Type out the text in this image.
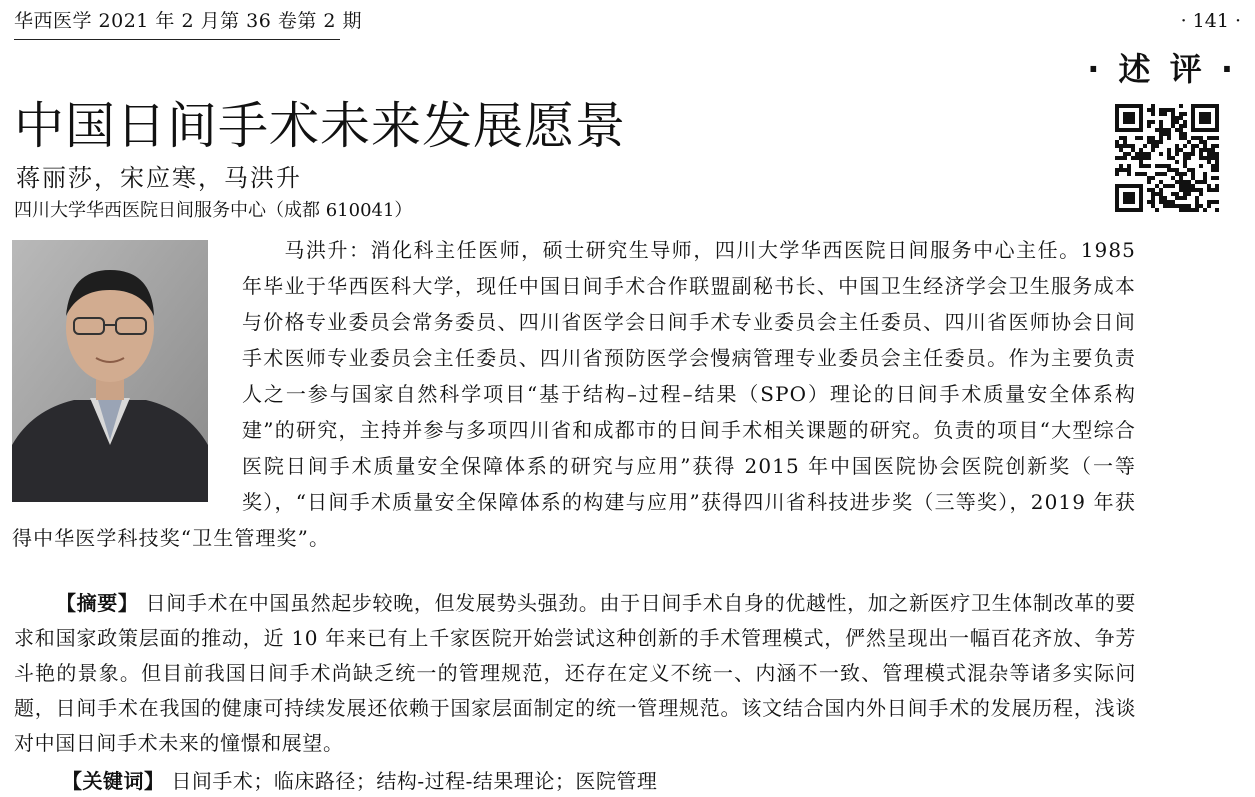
华西医学 2021 年 2 月第 36 卷第 2 期	· 141 ·
· 述 评 ·
中国日间手术未来发展愿景
蒋丽莎，宋应寒，马洪升
四川大学华西医院日间服务中心（成都 610041）
马洪升：消化科主任医师，硕士研究生导师，四川大学华西医院日间服务中心主任。1985 年毕业于华西医科大学，现任中国日间手术合作联盟副秘书长、中国卫生经济学会卫生服务成本与价格专业委员会常务委员、四川省医学会日间手术专业委员会主任委员、四川省医师协会日间手术医师专业委员会主任委员、四川省预防医学会慢病管理专业委员会主任委员。作为主要负责人之一参与国家自然科学项目“基于结构–过程–结果（SPO）理论的日间手术质量安全体系构建”的研究，主持并参与多项四川省和成都市的日间手术相关课题的研究。负责的项目“大型综合医院日间手术质量安全保障体系的研究与应用”获得 2015 年中国医院协会医院创新奖（一等奖），“日间手术质量安全保障体系的构建与应用”获得四川省科技进步奖（三等奖），2019 年获得中华医学科技奖“卫生管理奖”。
【摘要】 日间手术在中国虽然起步较晚，但发展势头强劲。由于日间手术自身的优越性，加之新医疗卫生体制改革的要求和国家政策层面的推动，近 10 年来已有上千家医院开始尝试这种创新的手术管理模式，俨然呈现出一幅百花齐放、争芳斗艳的景象。但目前我国日间手术尚缺乏统一的管理规范，还存在定义不统一、内涵不一致、管理模式混杂等诸多实际问题，日间手术在我国的健康可持续发展还依赖于国家层面制定的统一管理规范。该文结合国内外日间手术的发展历程，浅谈对中国日间手术未来的憧憬和展望。
【关键词】 日间手术；临床路径；结构-过程-结果理论；医院管理
